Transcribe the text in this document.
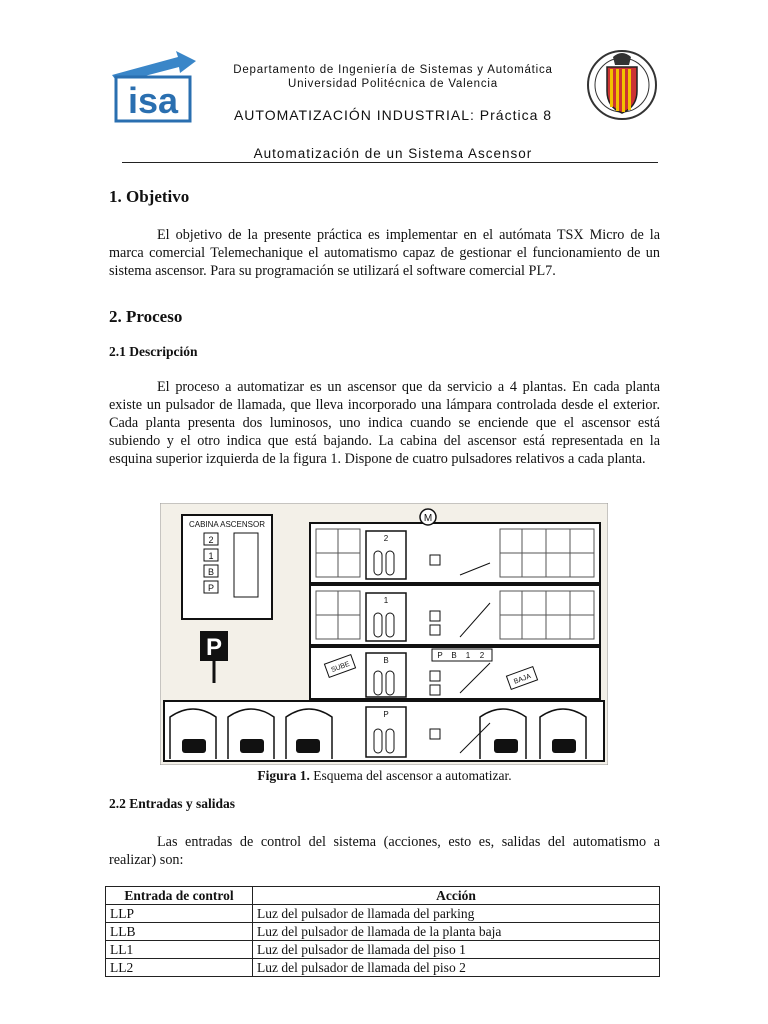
isa
Departamento de Ingeniería de Sistemas y Automática
Universidad Politécnica de Valencia
AUTOMATIZACIÓN INDUSTRIAL: Práctica 8
Automatización de un Sistema Ascensor
1. Objetivo

El objetivo de la presente práctica es implementar en el autómata TSX Micro de la marca comercial Telemechanique el automatismo capaz de gestionar el funcionamiento de un sistema ascensor. Para su programación se utilizará el software comercial PL7.

2. Proceso
2.1 Descripción

El proceso a automatizar es un ascensor que da servicio a 4 plantas. En cada planta existe un pulsador de llamada, que lleva incorporado una lámpara controlada desde el exterior. Cada planta presenta dos luminosos, uno indica cuando se enciende que el ascensor está subiendo y el otro indica que está bajando. La cabina del ascensor está representada en la esquina superior izquierda de la figura 1. Dispone de cuatro pulsadores relativos a cada planta.

2
1
B
P
M
CABINA ASCENSOR
2
1
B
P
P	P B 1 2
SUBE
BAJA
Figura 1. Esquema del ascensor a automatizar.
2.2 Entradas y salidas

Las entradas de control del sistema (acciones, esto es, salidas del automatismo a realizar) son:

Entrada de control	Acción
LLP	Luz del pulsador de llamada del parking
LLB	Luz del pulsador de llamada de la planta baja
LL1	Luz del pulsador de llamada del piso 1
LL2	Luz del pulsador de llamada del piso 2
